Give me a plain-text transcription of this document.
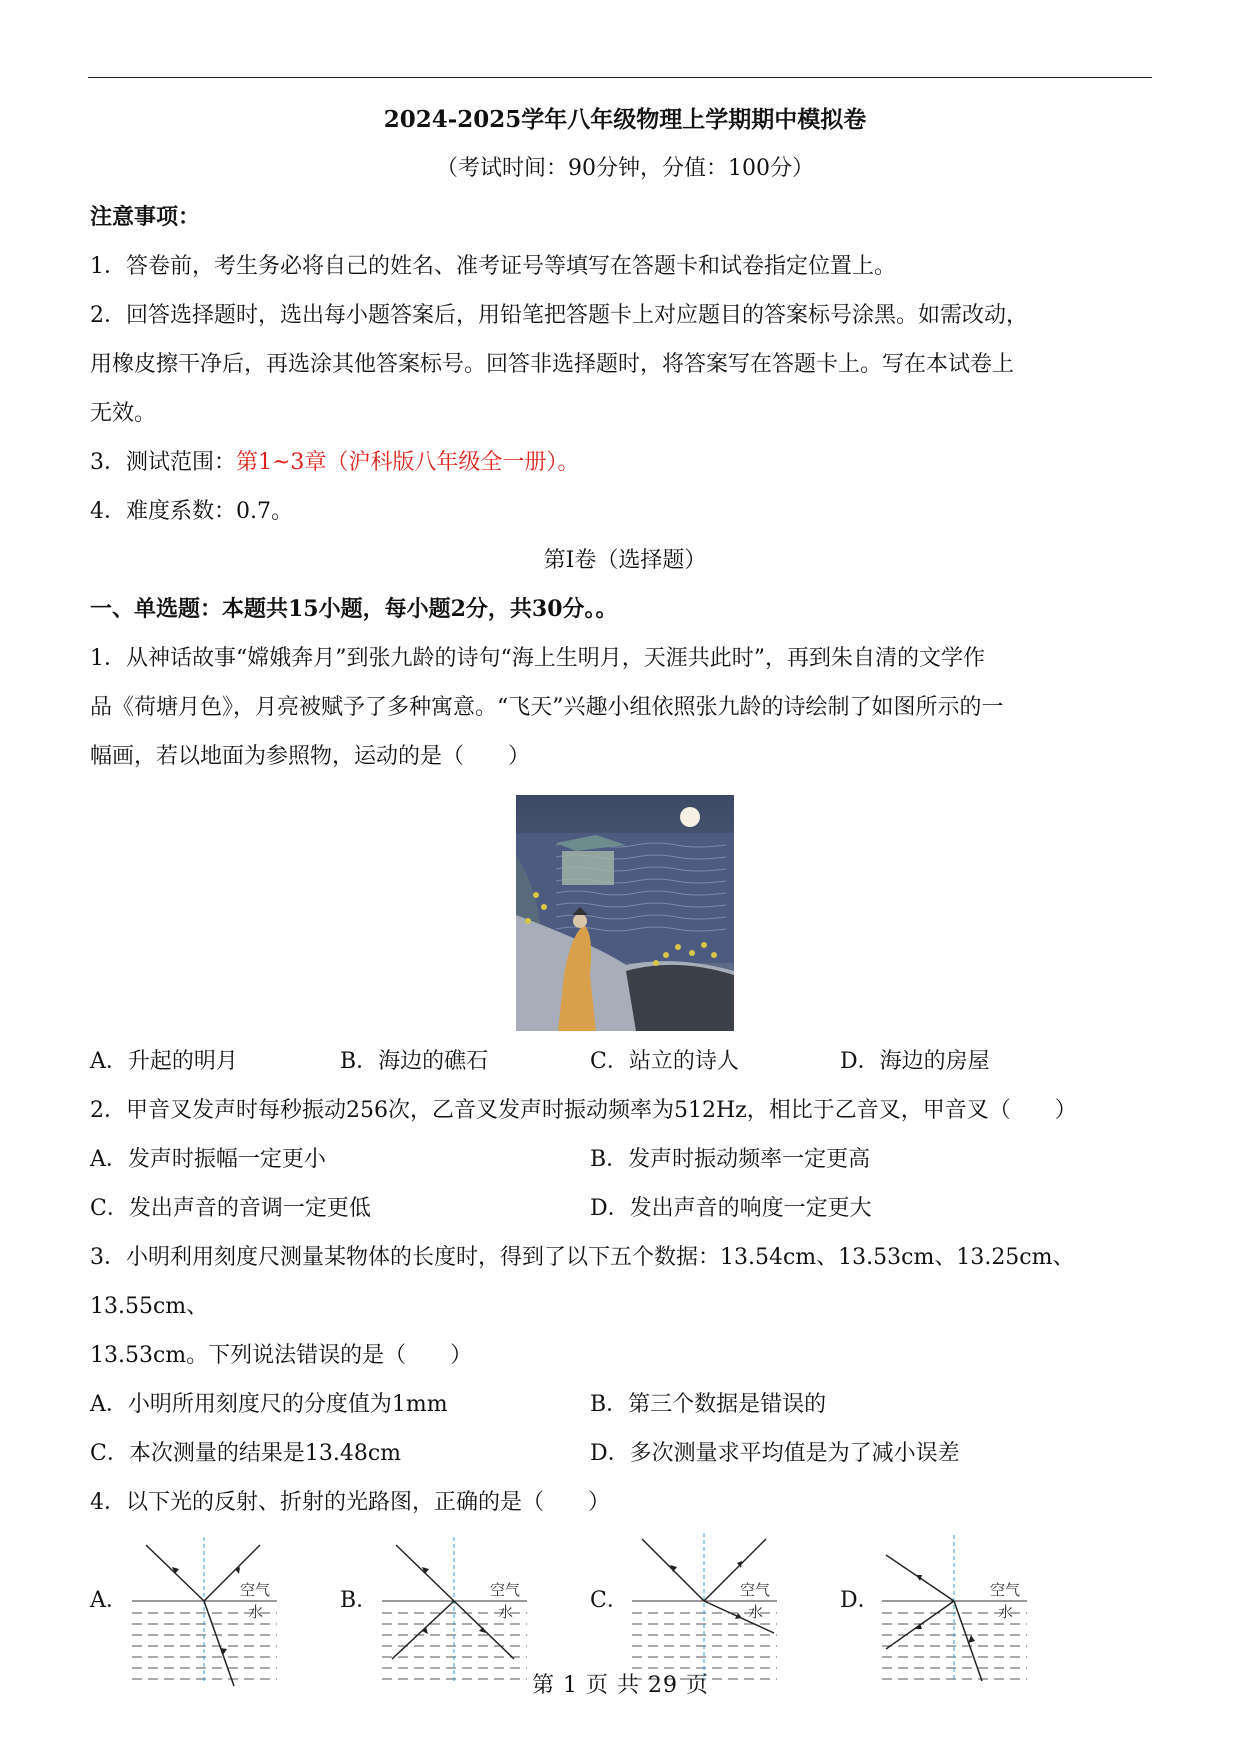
2024-2025学年八年级物理上学期期中模拟卷

（考试时间：90分钟，分值：100分）

注意事项：

1．答卷前，考生务必将自己的姓名、准考证号等填写在答题卡和试卷指定位置上。

2．回答选择题时，选出每小题答案后，用铅笔把答题卡上对应题目的答案标号涂黑。如需改动，

用橡皮擦干净后，再选涂其他答案标号。回答非选择题时，将答案写在答题卡上。写在本试卷上

无效。

3．测试范围：第1~3章（沪科版八年级全一册）。

4．难度系数：0.7。

第Ⅰ卷（选择题）

一、单选题：本题共15小题，每小题2分，共30分。。

1．从神话故事“嫦娥奔月”到张九龄的诗句“海上生明月，天涯共此时”，再到朱自清的文学作

品《荷塘月色》，月亮被赋予了多种寓意。“飞天”兴趣小组依照张九龄的诗绘制了如图所示的一

幅画，若以地面为参照物，运动的是（　　）

A．升起的明月	B．海边的礁石	C．站立的诗人	D．海边的房屋

2．甲音叉发声时每秒振动256次，乙音叉发声时振动频率为512Hz，相比于乙音叉，甲音叉（　　）

A．发声时振幅一定更小	B．发声时振动频率一定更高
C．发出声音的音调一定更低	D．发出声音的响度一定更大

3．小明利用刻度尺测量某物体的长度时，得到了以下五个数据：13.54cm、13.53cm、13.25cm、13.55cm、

13.53cm。下列说法错误的是（　　）

A．小明所用刻度尺的分度值为1mm	B．第三个数据是错误的
C．本次测量的结果是13.48cm	D．多次测量求平均值是为了减小误差

4．以下光的反射、折射的光路图，正确的是（　　）

A．	空气
水	B．	空气
水	C．	空气
水	D．	空气
水
第 1 页 共 29 页
